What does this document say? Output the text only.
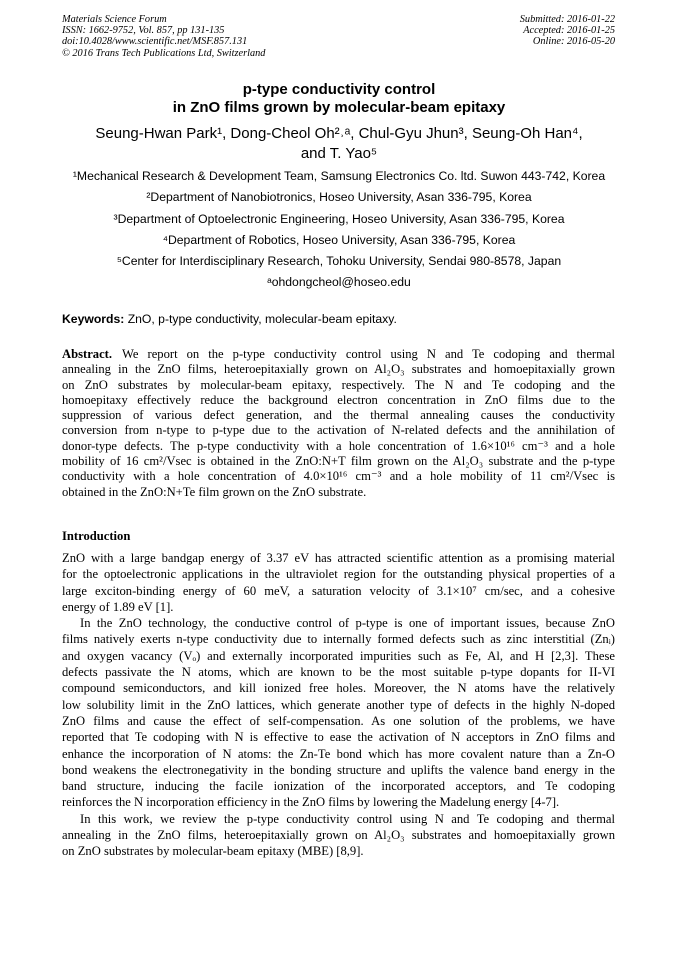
Materials Science Forum
ISSN: 1662-9752, Vol. 857, pp 131-135
doi:10.4028/www.scientific.net/MSF.857.131
© 2016 Trans Tech Publications Ltd, Switzerland
Submitted: 2016-01-22
Accepted: 2016-01-25
Online: 2016-05-20
p-type conductivity control
in ZnO films grown by molecular-beam epitaxy
Seung-Hwan Park¹, Dong-Cheol Oh²˒ᵃ, Chul-Gyu Jhun³, Seung-Oh Han⁴,
and T. Yao⁵
¹Mechanical Research & Development Team, Samsung Electronics Co. ltd. Suwon 443-742, Korea
²Department of Nanobiotronics, Hoseo University, Asan 336-795, Korea
³Department of Optoelectronic Engineering, Hoseo University, Asan 336-795, Korea
⁴Department of Robotics, Hoseo University, Asan 336-795, Korea
⁵Center for Interdisciplinary Research, Tohoku University, Sendai 980-8578, Japan
ᵃohdongcheol@hoseo.edu
Keywords: ZnO, p-type conductivity, molecular-beam epitaxy.
Abstract. We report on the p-type conductivity control using N and Te codoping and thermal
annealing in the ZnO films, heteroepitaxially grown on Al₂O₃ substrates and homoepitaxially grown
on ZnO substrates by molecular-beam epitaxy, respectively. The N and Te codoping and the
homoepitaxy effectively reduce the background electron concentration in ZnO films due to the
suppression of various defect generation, and the thermal annealing causes the conductivity
conversion from n-type to p-type due to the activation of N-related defects and the annihilation of
donor-type defects. The p-type conductivity with a hole concentration of 1.6×10¹⁶ cm⁻³ and a hole
mobility of 16 cm²/Vsec is obtained in the ZnO:N+T film grown on the Al₂O₃ substrate and the p-type
conductivity with a hole concentration of 4.0×10¹⁶ cm⁻³ and a hole mobility of 11 cm²/Vsec is
obtained in the ZnO:N+Te film grown on the ZnO substrate.
Introduction
ZnO with a large bandgap energy of 3.37 eV has attracted scientific attention as a promising material
for the optoelectronic applications in the ultraviolet region for the outstanding physical properties of a
large exciton-binding energy of 60 meV, a saturation velocity of 3.1×10⁷ cm/sec, and a cohesive
energy of 1.89 eV [1].
In the ZnO technology, the conductive control of p-type is one of important issues, because ZnO
films natively exerts n-type conductivity due to internally formed defects such as zinc interstitial (Znᵢ)
and oxygen vacancy (Vₒ) and externally incorporated impurities such as Fe, Al, and H [2,3]. These
defects passivate the N atoms, which are known to be the most suitable p-type dopants for II-VI
compound semiconductors, and kill ionized free holes. Moreover, the N atoms have the relatively
low solubility limit in the ZnO lattices, which generate another type of defects in the highly N-doped
ZnO films and cause the effect of self-compensation. As one solution of the problems, we have
reported that Te codoping with N is effective to ease the activation of N acceptors in ZnO films and
enhance the incorporation of N atoms: the Zn-Te bond which has more covalent nature than a Zn-O
bond weakens the electronegativity in the bonding structure and uplifts the valence band energy in the
band structure, inducing the facile ionization of the incorporated acceptors, and Te codoping
reinforces the N incorporation efficiency in the ZnO films by lowering the Madelung energy [4-7].
In this work, we review the p-type conductivity control using N and Te codoping and thermal
annealing in the ZnO films, heteroepitaxially grown on Al₂O₃ substrates and homoepitaxially grown
on ZnO substrates by molecular-beam epitaxy (MBE) [8,9].
